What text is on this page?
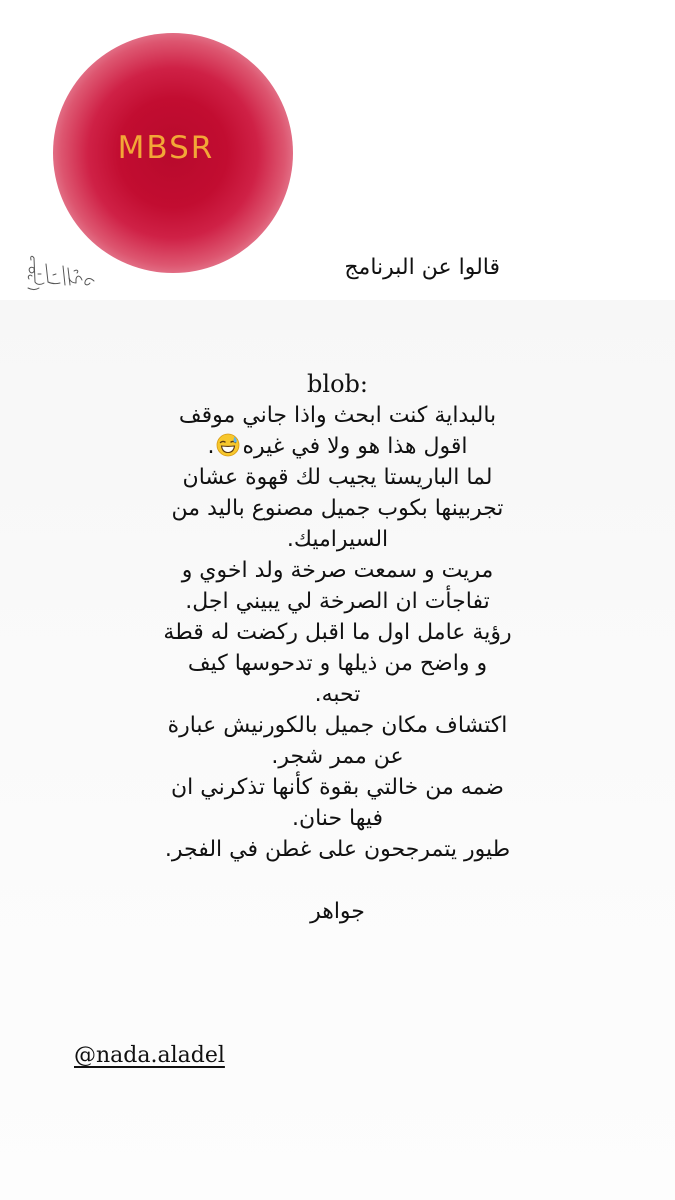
MBSR
قالوا عن البرنامج
blob:
بالبداية كنت ابحث واذا جاني موقف
اقول هذا هو ولا في غيره.
لما الباريستا يجيب لك قهوة عشان
تجربينها بكوب جميل مصنوع باليد من
السيراميك.
مريت و سمعت صرخة ولد اخوي و
تفاجأت ان الصرخة لي يبيني اجل.
رؤية عامل اول ما اقبل ركضت له قطة
و واضح من ذيلها و تدحوسها كيف
تحبه.
اكتشاف مكان جميل بالكورنيش عبارة
عن ممر شجر.
ضمه من خالتي بقوة كأنها تذكرني ان
فيها حنان.
طيور يتمرجحون على غطن في الفجر.
جواهر
@nada.aladel
